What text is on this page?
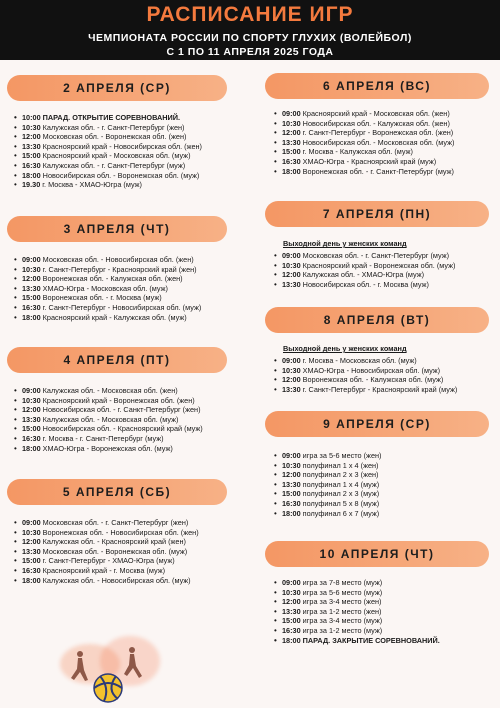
РАСПИСАНИЕ ИГР
ЧЕМПИОНАТА РОССИИ ПО СПОРТУ ГЛУХИХ (ВОЛЕЙБОЛ)
С 1 ПО 11 АПРЕЛЯ 2025 ГОДА
2 АПРЕЛЯ (СР)
• 10:00 ПАРАД. ОТКРЫТИЕ СОРЕВНОВАНИЙ.
• 10:30 Калужская обл. - г. Санкт-Петербург (жен)
• 12:00 Московская обл. - Воронежская обл. (жен)
• 13:30 Красноярский край - Новосибирская обл. (жен)
• 15:00 Красноярский край - Московская обл. (муж)
• 16:30 Калужская обл. - г. Санкт-Петербург (муж)
• 18:00 Новосибирская обл. - Воронежская обл. (муж)
• 19.30 г. Москва - ХМАО-Югра (муж)
3 АПРЕЛЯ (ЧТ)
• 09:00 Московская обл. - Новосибирская обл. (жен)
• 10:30 г. Санкт-Петербург - Красноярский край (жен)
• 12:00 Воронежская обл. - Калужская обл. (жен)
• 13:30 ХМАО-Югра - Московская обл. (муж)
• 15:00 Воронежская обл. - г. Москва (муж)
• 16:30 г. Санкт-Петербург - Новосибирская обл. (муж)
• 18:00 Красноярский край - Калужская обл. (муж)
4 АПРЕЛЯ (ПТ)
• 09:00 Калужская обл. - Московская обл. (жен)
• 10:30 Красноярский край - Воронежская обл. (жен)
• 12:00 Новосибирская обл. - г. Санкт-Петербург (жен)
• 13:30 Калужская обл. - Московская обл. (муж)
• 15:00 Новосибирская обл. - Красноярский край (муж)
• 16:30 г. Москва - г. Санкт-Петербург (муж)
• 18:00 ХМАО-Югра - Воронежская обл. (муж)
5 АПРЕЛЯ (СБ)
• 09:00 Московская обл. - г. Санкт-Петербург (жен)
• 10:30 Воронежская обл. - Новосибирская обл. (жен)
• 12:00 Калужская обл. - Красноярский край (жен)
• 13:30 Московская обл. - Воронежская обл. (муж)
• 15:00 г. Санкт-Петербург - ХМАО-Югра (муж)
• 16:30 Красноярский край - г. Москва (муж)
• 18:00 Калужская обл. - Новосибирская обл. (муж)
6 АПРЕЛЯ (ВС)
• 09:00 Красноярский край - Московская обл. (жен)
• 10:30 Новосибирская обл. - Калужская обл. (жен)
• 12:00 г. Санкт-Петербург - Воронежская обл. (жен)
• 13:30 Новосибирская обл. - Московская обл. (муж)
• 15:00 г. Москва - Калужская обл. (муж)
• 16:30 ХМАО-Югра - Красноярский край (муж)
• 18:00 Воронежская обл. - г. Санкт-Петербург (муж)
7 АПРЕЛЯ (ПН)
Выходной день у женских команд
• 09:00 Московская обл. - г. Санкт-Петербург (муж)
• 10:30 Красноярский край - Воронежская обл. (муж)
• 12:00 Калужская обл. - ХМАО-Югра (муж)
• 13:30 Новосибирская обл. - г. Москва (муж)
8 АПРЕЛЯ (ВТ)
Выходной день у женских команд
• 09:00 г. Москва - Московская обл. (муж)
• 10:30 ХМАО-Югра - Новосибирская обл. (муж)
• 12:00 Воронежская обл. - Калужская обл. (муж)
• 13:30 г. Санкт-Петербург - Красноярский край (муж)
9 АПРЕЛЯ (СР)
• 09:00 игра за 5-6 место (жен)
• 10:30 полуфинал 1 х 4 (жен)
• 12:00 полуфинал 2 х 3 (жен)
• 13:30 полуфинал 1 х 4 (муж)
• 15:00 полуфинал 2 х 3 (муж)
• 16:30 полуфинал 5 х 8 (муж)
• 18:00 полуфинал 6 х 7 (муж)
10 АПРЕЛЯ (ЧТ)
• 09:00 игра за 7-8 место (муж)
• 10:30 игра за 5-6 место (муж)
• 12:00 игра за 3-4 место (жен)
• 13:30 игра за 1-2 место (жен)
• 15:00 игра за 3-4 место (муж)
• 16:30 игра за 1-2 место (муж)
• 18:00 ПАРАД. ЗАКРЫТИЕ СОРЕВНОВАНИЙ.
